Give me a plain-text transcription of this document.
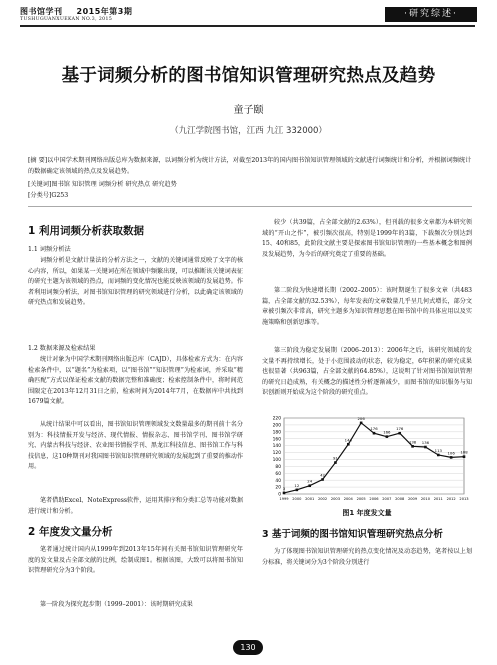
图书馆学刊 2015年第3期
TUSHUGUANXUEKAN NO.3, 2015
·研究综述·
基于词频分析的图书馆知识管理研究热点及趋势
童子颐
（九江学院图书馆，江西 九江 332000）
[摘 要]以中国学术期刊网络出版总库为数据来源，以词频分析为统计方法，对截至2013年的国内图书馆知识管理领域的文献进行词频统计和分析，并根据词频统计的数据确定该领域的热点及发展趋势。
[关键词]图书馆 知识管理 词频分析 研究热点 研究趋势
[分类号]G253
1 利用词频分析获取数据
1.1 词频分析法
词频分析是文献计量法的分析方法之一，文献的关键词通常反映了文字的核心内容，所以，如果某一关键词在所在领域中频繁出现，可以推断该关键词表征的研究主题为该领域的热点，而词频的变化情况也能反映该领域的发展趋势。作者利用词频分析法，对图书馆知识管理的研究领域进行分析，以此确定该领域的研究热点和发展趋势。
1.2 数据来源及检索结果
统计对象为中国学术期刊网络出版总库（CAJD），具体检索方式为：在内容检索条件中，以“题名”为检索项，以“图书馆”“知识管理”为检索词，并采取“精确匹配”方式以保证检索文献的数据完整和准确度；检索控制条件中，将时间范围限定在2013年12月31日之前，检索时间为2014年7月，在数据库中共找到1679篇文献。
从统计结果中可以看出，图书馆知识管理领域发文数量最多的期刊前十名分别为：科技情报开发与经济、现代情报、情报杂志、图书馆学刊、图书馆学研究、内蒙古科技与经济、农业图书情报学刊、黑龙江科技信息、图书馆工作与科技信息，这10种期刊对我国图书馆知识管理研究领域的发展起到了重要的推动作用。
笔者借助Excel、NoteExpress软件，运用其排序和分类汇总等功能对数据进行统计和分析。
2 年度发文量分析
笔者通过统计国内从1999年到2013年15年间有关图书馆知识管理研究年度的发文量及占全部文献的比例，绘制成图1。根据该图，大致可以将图书馆知识管理研究分为3个阶段。
第一阶段为探究起步期（1999–2001）：该时期研究成果
较少（共39篇，占全部文献的2.63%），但刊载的很多文章都为本研究领域的“开山之作”，被引频次很高，特别是1999年的3篇，下载频次分别达到15、40和85，此阶段文献主要是探索图书馆知识管理的一些基本概念和图例及发展趋势，为今后的研究奠定了重要的基础。
第二阶段为快速增长期（2002–2005）：该时期诞生了很多文章（共483篇，占全部文献的32.53%），每年发表的文章数量几乎呈几何式增长，部分文章被引频次非常高，研究主题多为知识管理思想在图书馆中的具体应用以及实施策略和创新思维等。
第三阶段为稳定发展期（2006–2013）：2006年之后，该研究领域的发文量不再持续增长，处于小范围波动的状态，较为稳定，6年积累的研究成果也很显著（共963篇，占全部文献的64.85%），这说明了针对图书馆知识管理的研究日趋成熟，有关概念的描述性分析逐渐减少，而图书馆的知识服务与知识创新则开始成为这个阶段的研究重点。
0
20
40
60
80
100
120
140
160
180
200
220
1999 2000 2001 2002 2003 2004 2005 2006 2007 2008 2009 2010 2011 2012 2013
3
12
24
42
91
144
206
176
166
176
138 136
113 106 108
图1 年度发文量
3 基于词频的图书馆知识管理研究热点分析
为了体现图书馆知识管理研究的热点变化情况及动态趋势，笔者按以上划分标准，将关键词分为3个阶段分别进行
130
